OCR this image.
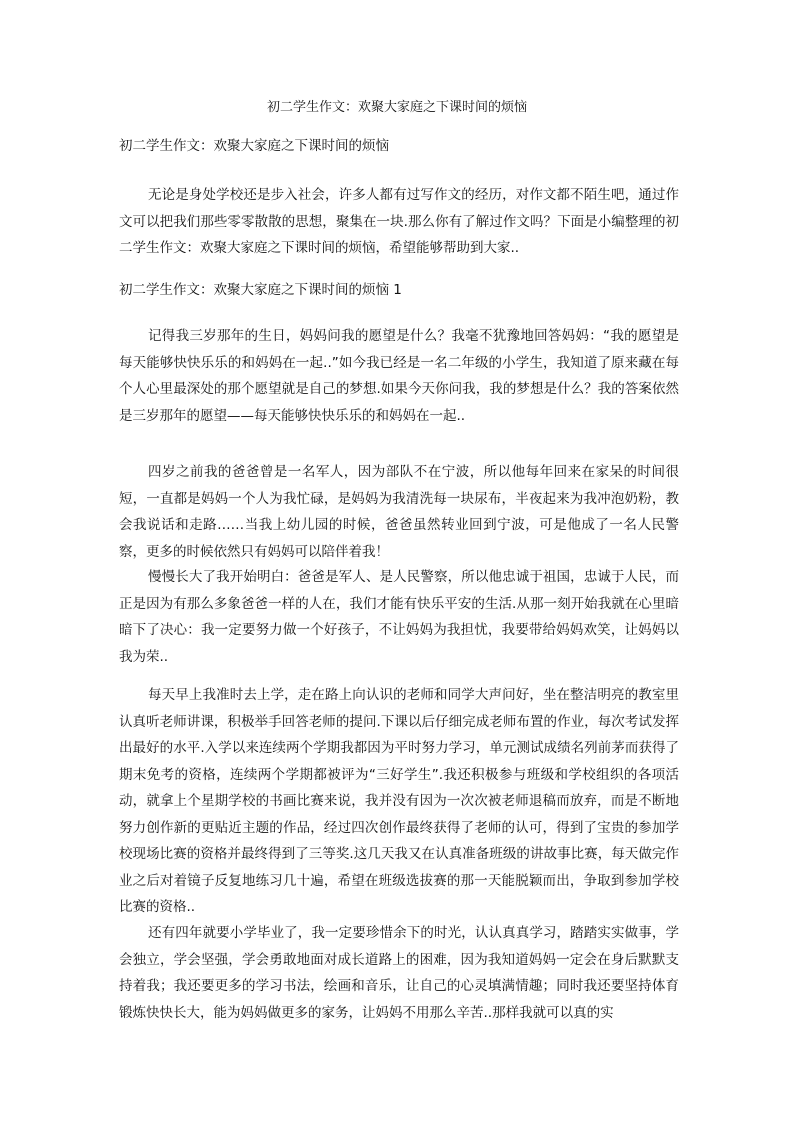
初二学生作文：欢聚大家庭之下课时间的烦恼
初二学生作文：欢聚大家庭之下课时间的烦恼

无论是身处学校还是步入社会，许多人都有过写作文的经历，对作文都不陌生吧，通过作文可以把我们那些零零散散的思想，聚集在一块.那么你有了解过作文吗？下面是小编整理的初二学生作文：欢聚大家庭之下课时间的烦恼，希望能够帮助到大家..

初二学生作文：欢聚大家庭之下课时间的烦恼 1

记得我三岁那年的生日，妈妈问我的愿望是什么？我毫不犹豫地回答妈妈：“我的愿望是每天能够快快乐乐的和妈妈在一起..”如今我已经是一名二年级的小学生，我知道了原来藏在每个人心里最深处的那个愿望就是自己的梦想.如果今天你问我，我的梦想是什么？我的答案依然是三岁那年的愿望——每天能够快快乐乐的和妈妈在一起..

四岁之前我的爸爸曾是一名军人，因为部队不在宁波，所以他每年回来在家呆的时间很短，一直都是妈妈一个人为我忙碌，是妈妈为我清洗每一块尿布，半夜起来为我冲泡奶粉，教会我说话和走路……当我上幼儿园的时候，爸爸虽然转业回到宁波，可是他成了一名人民警察，更多的时候依然只有妈妈可以陪伴着我！

慢慢长大了我开始明白：爸爸是军人、是人民警察，所以他忠诚于祖国，忠诚于人民，而正是因为有那么多象爸爸一样的人在，我们才能有快乐平安的生活.从那一刻开始我就在心里暗暗下了决心：我一定要努力做一个好孩子，不让妈妈为我担忧，我要带给妈妈欢笑，让妈妈以我为荣..

每天早上我准时去上学，走在路上向认识的老师和同学大声问好，坐在整洁明亮的教室里认真听老师讲课，积极举手回答老师的提问.下课以后仔细完成老师布置的作业，每次考试发挥出最好的水平.入学以来连续两个学期我都因为平时努力学习，单元测试成绩名列前茅而获得了期末免考的资格，连续两个学期都被评为“三好学生”.我还积极参与班级和学校组织的各项活动，就拿上个星期学校的书画比赛来说，我并没有因为一次次被老师退稿而放弃，而是不断地努力创作新的更贴近主题的作品，经过四次创作最终获得了老师的认可，得到了宝贵的参加学校现场比赛的资格并最终得到了三等奖.这几天我又在认真准备班级的讲故事比赛，每天做完作业之后对着镜子反复地练习几十遍，希望在班级选拔赛的那一天能脱颖而出，争取到参加学校比赛的资格..

还有四年就要小学毕业了，我一定要珍惜余下的时光，认认真真学习，踏踏实实做事，学会独立，学会坚强，学会勇敢地面对成长道路上的困难，因为我知道妈妈一定会在身后默默支持着我；我还要更多的学习书法，绘画和音乐，让自己的心灵填满情趣；同时我还要坚持体育锻炼快快长大，能为妈妈做更多的家务，让妈妈不用那么辛苦..那样我就可以真的实
